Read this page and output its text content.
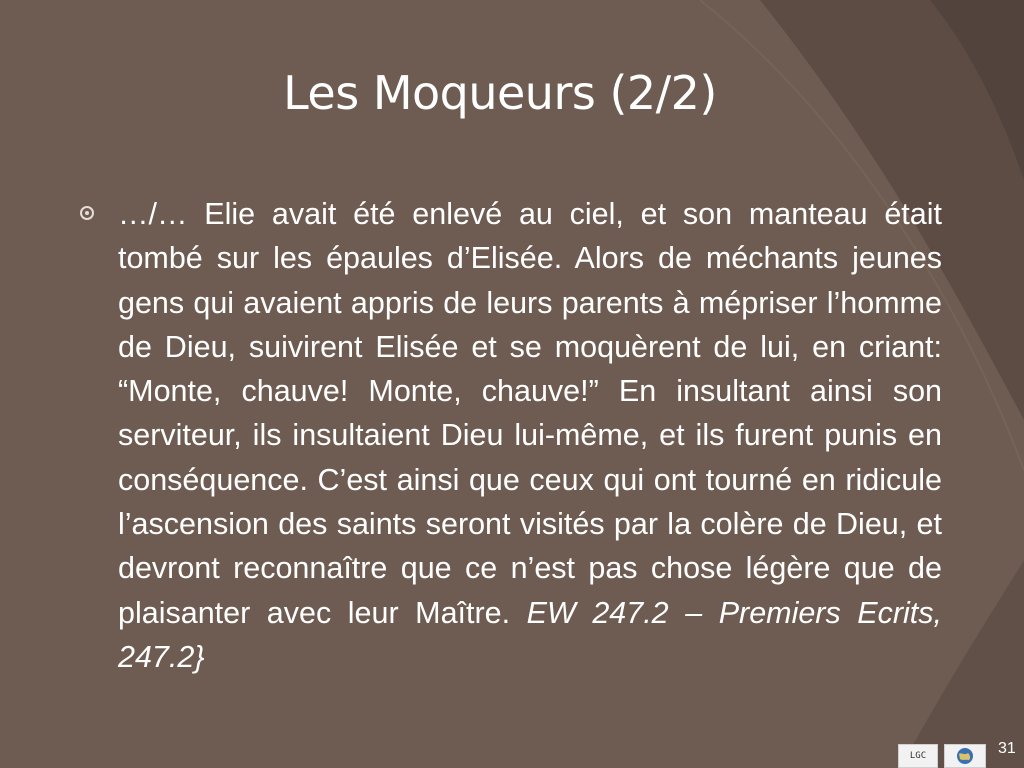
Les Moqueurs (2/2)

…/… Elie avait été enlevé au ciel, et son manteau était tombé sur les épaules d’Elisée. Alors de méchants jeunes gens qui avaient appris de leurs parents à mépriser l’homme de Dieu, suivirent Elisée et se moquèrent de lui, en criant: “Monte, chauve! Monte, chauve!” En insultant ainsi son serviteur, ils insultaient Dieu lui-même, et ils furent punis en conséquence. C’est ainsi que ceux qui ont tourné en ridicule l’ascension des saints seront visités par la colère de Dieu, et devront reconnaître que ce n’est pas chose légère que de plaisanter avec leur Maître. EW 247.2 – Premiers Ecrits, 247.2}

LGC	31
